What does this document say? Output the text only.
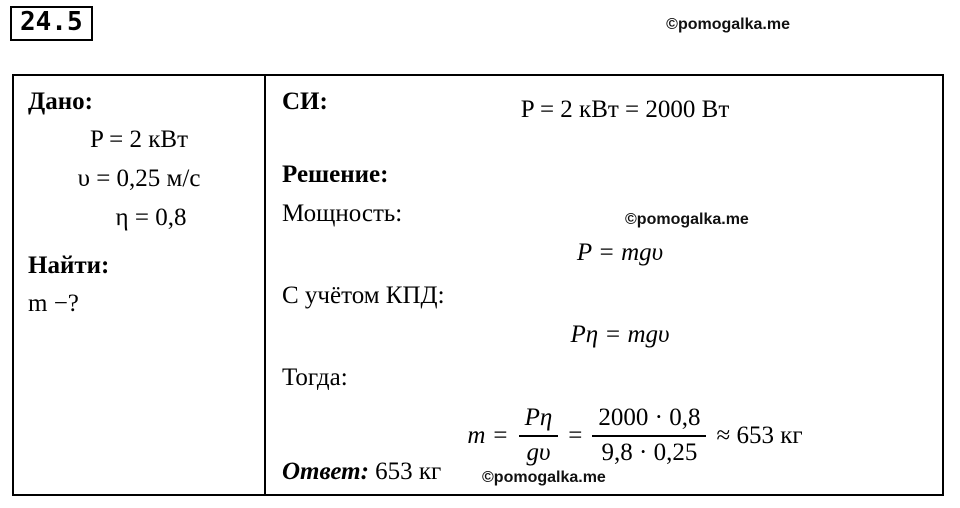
24.5	©pomogalka.me
Дано:
P = 2 кВт
υ = 0,25 м/с
η = 0,8
Найти:
m −?
СИ:	P = 2 кВт = 2000 Вт
Решение:
Мощность:
P = mgυ
С учётом КПД:
Pη = mgυ
Тогда:
$m = \frac{P\eta}{g\upsilon} = \frac{2000 \cdot 0,8}{9,8 \cdot 0,25} \approx 653$ кг
Ответ: 653 кг
©pomogalka.me
©pomogalka.me
